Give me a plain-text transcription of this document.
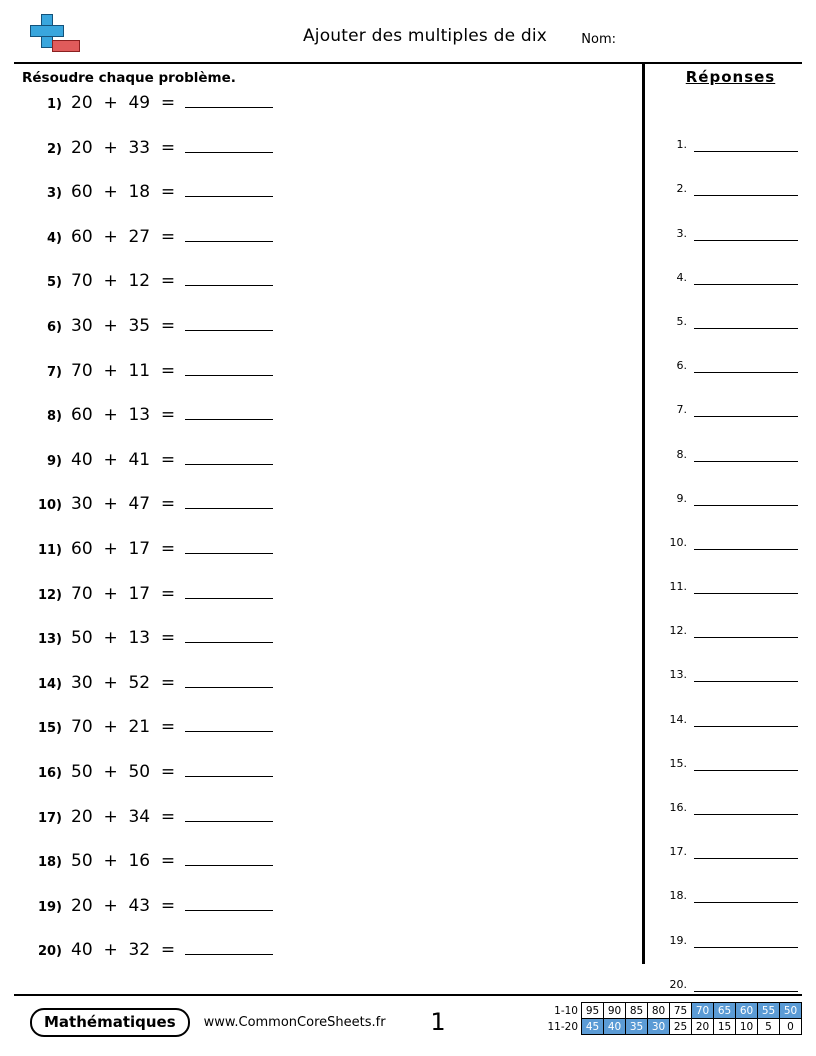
Ajouter des multiples de dix	Nom:
Résoudre chaque problème.
1) 20  +  49  =
2) 20  +  33  =
3) 60  +  18  =
4) 60  +  27  =
5) 70  +  12  =
6) 30  +  35  =
7) 70  +  11  =
8) 60  +  13  =
9) 40  +  41  =
10) 30  +  47  =
11) 60  +  17  =
12) 70  +  17  =
13) 50  +  13  =
14) 30  +  52  =
15) 70  +  21  =
16) 50  +  50  =
17) 20  +  34  =
18) 50  +  16  =
19) 20  +  43  =
20) 40  +  32  =
Réponses
1.
2.
3.
4.
5.
6.
7.
8.
9.
10.
11.
12.
13.
14.
15.
16.
17.
18.
19.
20.
Mathématiques	www.CommonCoreSheets.fr	1	1-10	95	90	85	80	75	70	65	60	55	50
11-20	45	40	35	30	25	20	15	10	5	0
